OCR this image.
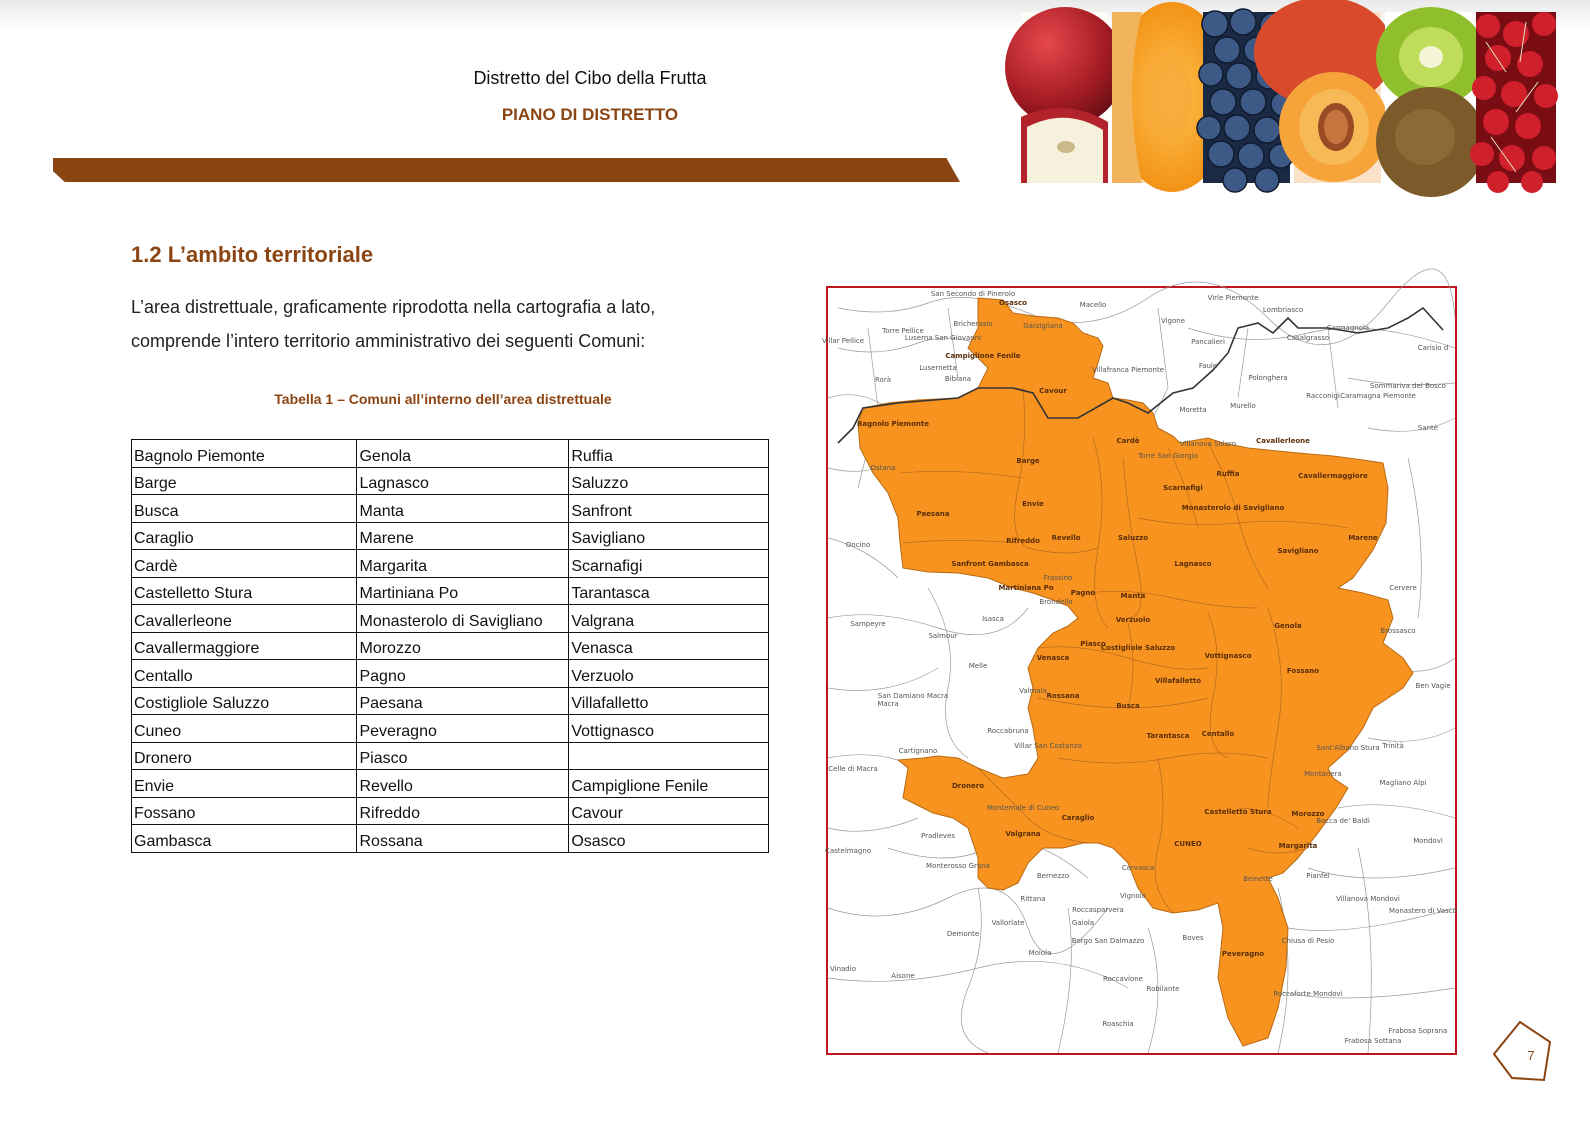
Distretto del Cibo della Frutta
PIANO DI DISTRETTO
1.2 L’ambito territoriale
L’area distrettuale, graficamente riprodotta nella cartografia a lato,
comprende l’intero territorio amministrativo dei seguenti Comuni:
Tabella 1 – Comuni all’interno dell’area distrettuale
Bagnolo Piemonte	Genola	Ruffia
Barge	Lagnasco	Saluzzo
Busca	Manta	Sanfront
Caraglio	Marene	Savigliano
Cardè	Margarita	Scarnafigi
Castelletto Stura	Martiniana Po	Tarantasca
Cavallerleone	Monasterolo di Savigliano	Valgrana
Cavallermaggiore	Morozzo	Venasca
Centallo	Pagno	Verzuolo
Costigliole Saluzzo	Paesana	Villafalletto
Cuneo	Peveragno	Vottignasco
Dronero	Piasco	
Envie	Revello	Campiglione Fenile
Fossano	Rifreddo	Cavour
Gambasca	Rossana	Osasco
Osasco
Campiglione Fenile
Cavour
Bagnolo Piemonte
Cardè
Barge
Cavallerleone
Ruffia	Cavallermaggiore
Scarnafigi
Monasterolo di Savigliano
Envie
Paesana
Rifreddo Revello	Saluzzo
Savigliano
Marene
Sanfront Gambasca
Martiniana Po
Lagnasco
Pagno	Manta
Verzuolo
Genola
Piasco
Venasca
Costigliole Saluzzo
Vottignasco
Fossano
Rossana
Villafalletto
Busca
Tarantasca Centallo
Dronero
Caraglio
Valgrana
CUNEO
Castelletto Stura	Morozzo
Margarita
Peveragno
San Secondo di Pinerolo
Macello
Vigone
Virle Piemonte
Lombriasco
Carmagnola
Villar Pellice
Torre Pellice
Luserna San Giovanni
Bricherasio	Garzigliana
Casalgrasso
Carisio d
Lusernetta
Bibiana
Villafranca Piemonte
Pancalieri
Faule
Polonghera
Rorà
Moretta	Murello
Racconigi Caramagna Piemonte
Sommariva del Bosco
Santè
Ostana
Villanova Solaro
Torre San Giorgio
Oncino
Sampeyre
Cervere
Brossasco
Isasca
Brondello
Frassino
Salmour
Melle
Valmala
San Damiano Macra
Macra
Roccabruna
Villar San Costanzo
Cartignano	Sant'Albano Stura Trinità
Celle di Macra
Montanera
Magliano Alpi
Montemale di Cuneo
Pradleves
Bocca de' Baldi
Castelmagno
Monterosso Grana
Bernezzo
Cervasca
Beinette	Pianfei
Vignolo	Villanova Mondovì
Rittana
Roccasparvera
Vallorlate	Gaiola
Demonte
Borgo San Dalmazzo	Boves	Chiusa di Pesio
Moiola
Vinadio
Aisone	Roccavione
Robilante
Roccaforte Mondovì
Roaschia
Frabosa Sottana
Frabosa Soprana
Mondovì
Monastero di Vasco
Ben Vagie
7
